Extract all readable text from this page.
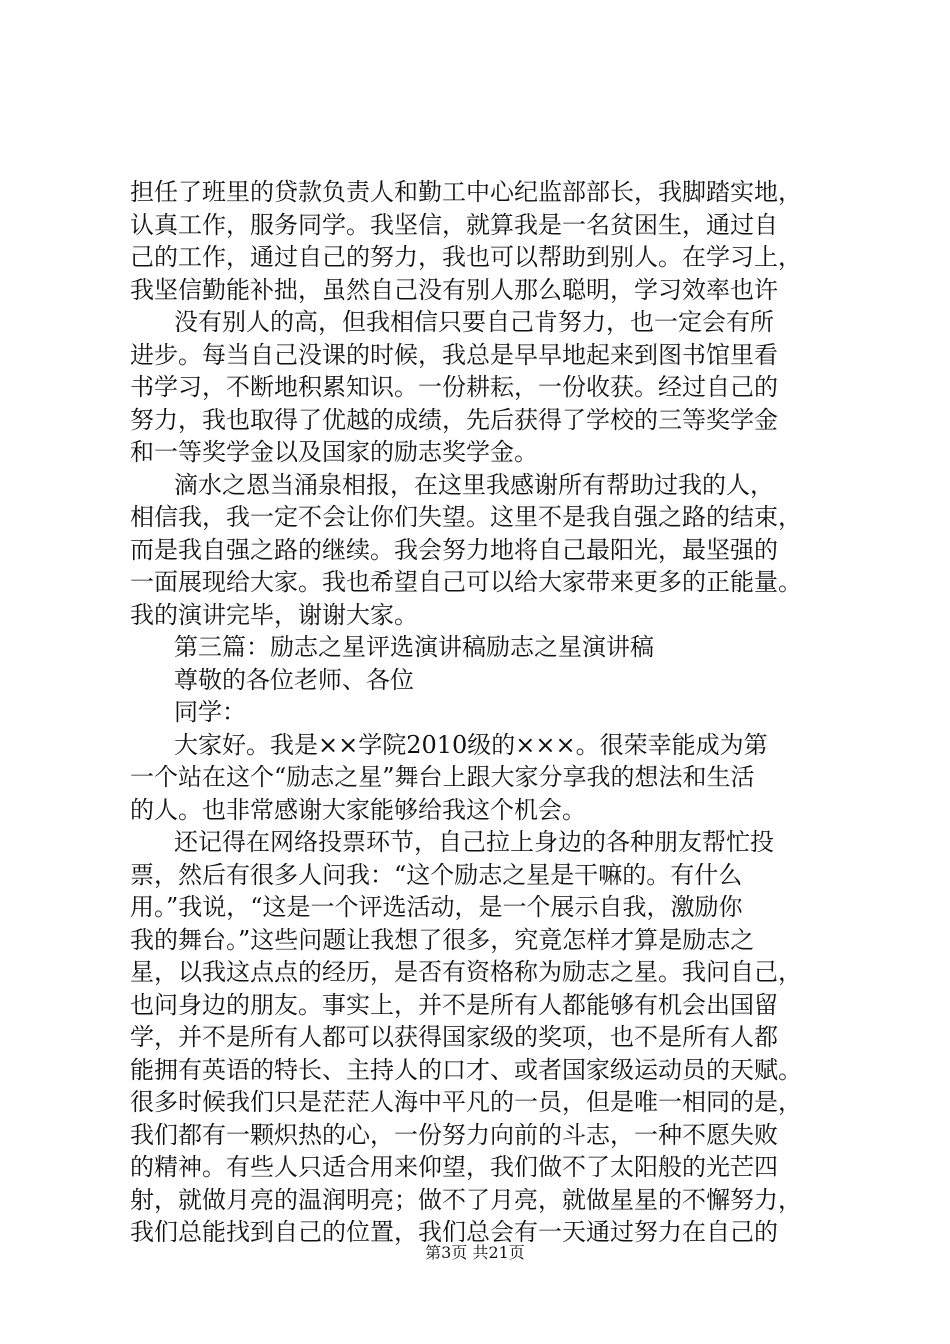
担任了班里的贷款负责人和勤工中心纪监部部长，我脚踏实地，
认真工作，服务同学。我坚信，就算我是一名贫困生，通过自
己的工作，通过自己的努力，我也可以帮助到别人。在学习上，
我坚信勤能补拙，虽然自己没有别人那么聪明，学习效率也许
没有别人的高，但我相信只要自己肯努力，也一定会有所
进步。每当自己没课的时候，我总是早早地起来到图书馆里看
书学习，不断地积累知识。一份耕耘，一份收获。经过自己的
努力，我也取得了优越的成绩，先后获得了学校的三等奖学金
和一等奖学金以及国家的励志奖学金。
滴水之恩当涌泉相报，在这里我感谢所有帮助过我的人，
相信我，我一定不会让你们失望。这里不是我自强之路的结束，
而是我自强之路的继续。我会努力地将自己最阳光，最坚强的
一面展现给大家。我也希望自己可以给大家带来更多的正能量。
我的演讲完毕，谢谢大家。
第三篇：励志之星评选演讲稿励志之星演讲稿
尊敬的各位老师、各位
同学：
大家好。我是××学院2010级的×××。很荣幸能成为第
一个站在这个“励志之星”舞台上跟大家分享我的想法和生活
的人。也非常感谢大家能够给我这个机会。
还记得在网络投票环节，自己拉上身边的各种朋友帮忙投
票，然后有很多人问我：“这个励志之星是干嘛的。有什么
用。”我说，“这是一个评选活动，是一个展示自我，激励你
我的舞台。”这些问题让我想了很多，究竟怎样才算是励志之
星，以我这点点的经历，是否有资格称为励志之星。我问自己，
也问身边的朋友。事实上，并不是所有人都能够有机会出国留
学，并不是所有人都可以获得国家级的奖项，也不是所有人都
能拥有英语的特长、主持人的口才、或者国家级运动员的天赋。
很多时候我们只是茫茫人海中平凡的一员，但是唯一相同的是，
我们都有一颗炽热的心，一份努力向前的斗志，一种不愿失败
的精神。有些人只适合用来仰望，我们做不了太阳般的光芒四
射，就做月亮的温润明亮；做不了月亮，就做星星的不懈努力，
我们总能找到自己的位置，我们总会有一天通过努力在自己的
第3页 共21页
